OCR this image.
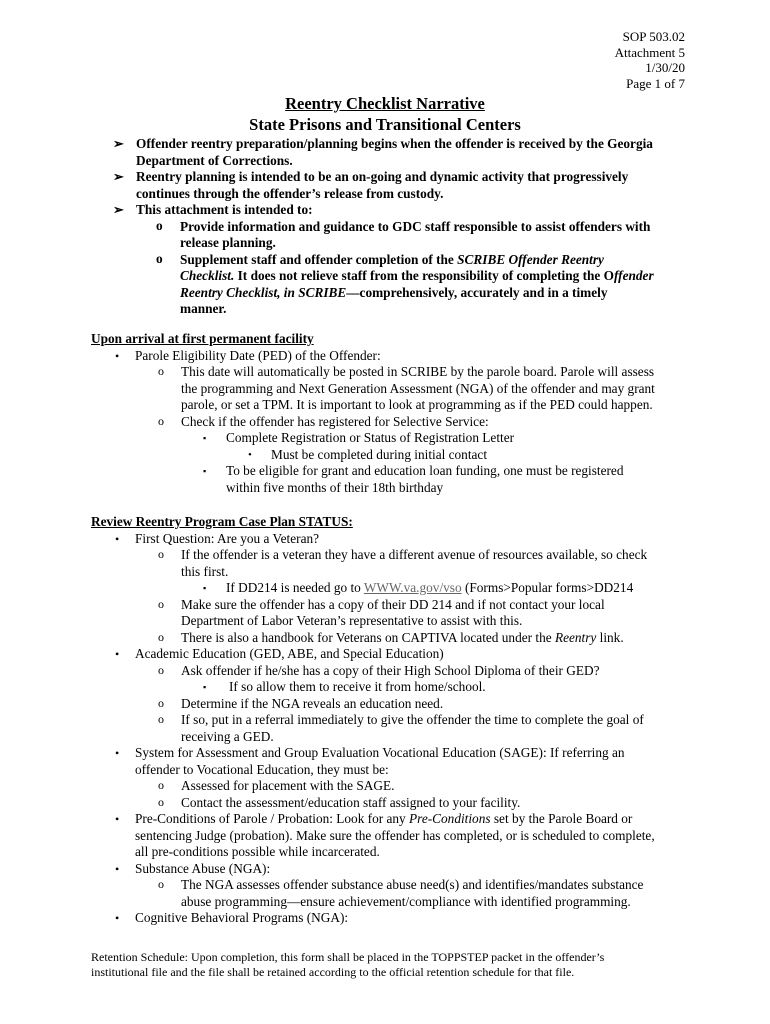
SOP 503.02
Attachment 5
1/30/20
Page 1 of 7
Reentry Checklist Narrative
State Prisons and Transitional Centers
➢ Offender reentry preparation/planning begins when the offender is received by the Georgia
Department of Corrections.
➢ Reentry planning is intended to be an on-going and dynamic activity that progressively
continues through the offender’s release from custody.
➢ This attachment is intended to:
o Provide information and guidance to GDC staff responsible to assist offenders with
release planning.
o Supplement staff and offender completion of the SCRIBE Offender Reentry
Checklist. It does not relieve staff from the responsibility of completing the Offender
Reentry Checklist, in SCRIBE—comprehensively, accurately and in a timely
manner.
Upon arrival at first permanent facility
• Parole Eligibility Date (PED) of the Offender:
o This date will automatically be posted in SCRIBE by the parole board. Parole will assess
the programming and Next Generation Assessment (NGA) of the offender and may grant
parole, or set a TPM. It is important to look at programming as if the PED could happen.
o Check if the offender has registered for Selective Service:
▪ Complete Registration or Status of Registration Letter
• Must be completed during initial contact
▪ To be eligible for grant and education loan funding, one must be registered
within five months of their 18th birthday
Review Reentry Program Case Plan STATUS:
• First Question: Are you a Veteran?
o If the offender is a veteran they have a different avenue of resources available, so check
this first.
▪ If DD214 is needed go to WWW.va.gov/vso (Forms>Popular forms>DD214
o Make sure the offender has a copy of their DD 214 and if not contact your local
Department of Labor Veteran’s representative to assist with this.
o There is also a handbook for Veterans on CAPTIVA located under the Reentry link.
• Academic Education (GED, ABE, and Special Education)
o Ask offender if he/she has a copy of their High School Diploma of their GED?
▪ If so allow them to receive it from home/school.
o Determine if the NGA reveals an education need.
o If so, put in a referral immediately to give the offender the time to complete the goal of
receiving a GED.
• System for Assessment and Group Evaluation Vocational Education (SAGE): If referring an
offender to Vocational Education, they must be:
o Assessed for placement with the SAGE.
o Contact the assessment/education staff assigned to your facility.
• Pre-Conditions of Parole / Probation: Look for any Pre-Conditions set by the Parole Board or
sentencing Judge (probation). Make sure the offender has completed, or is scheduled to complete,
all pre-conditions possible while incarcerated.
• Substance Abuse (NGA):
o The NGA assesses offender substance abuse need(s) and identifies/mandates substance
abuse programming—ensure achievement/compliance with identified programming.
• Cognitive Behavioral Programs (NGA):
Retention Schedule: Upon completion, this form shall be placed in the TOPPSTEP packet in the offender’s
institutional file and the file shall be retained according to the official retention schedule for that file.
